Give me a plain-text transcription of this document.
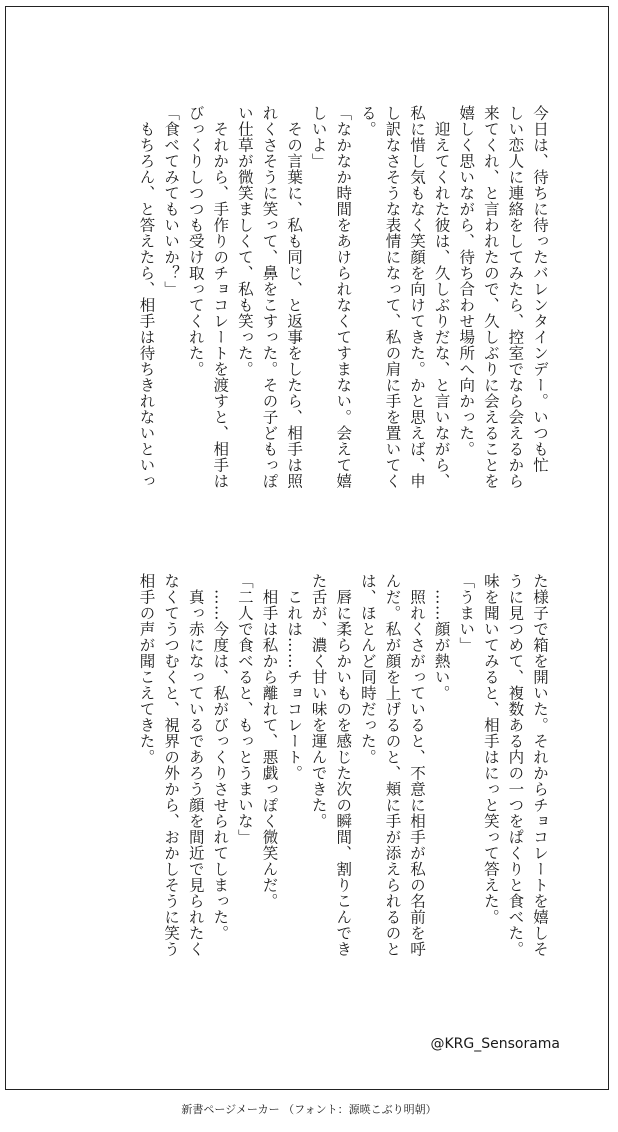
今日は、待ちに待ったバレンタインデー。いつも忙
しい恋人に連絡をしてみたら、控室でなら会えるから
来てくれ、と言われたので、久しぶりに会えることを
嬉しく思いながら、待ち合わせ場所へ向かった。
　迎えてくれた彼は、久しぶりだな、と言いながら、
私に惜し気もなく笑顔を向けてきた。かと思えば、申
し訳なさそうな表情になって、私の肩に手を置いてく
る。
「なかなか時間をあけられなくてすまない。会えて嬉
しいよ」
　その言葉に、私も同じ、と返事をしたら、相手は照
れくさそうに笑って、鼻をこすった。その子どもっぽ
い仕草が微笑ましくて、私も笑った。
　それから、手作りのチョコレートを渡すと、相手は
びっくりしつつも受け取ってくれた。
「食べてみてもいいか？」
　もちろん、と答えたら、相手は待ちきれないといっ
た様子で箱を開いた。それからチョコレートを嬉しそ
うに見つめて、複数ある内の一つをぱくりと食べた。
味を聞いてみると、相手はにっと笑って答えた。
「うまい」
　……顔が熱い。
　照れくさがっていると、不意に相手が私の名前を呼
んだ。私が顔を上げるのと、頬に手が添えられるのと
は、ほとんど同時だった。
　唇に柔らかいものを感じた次の瞬間、割りこんでき
た舌が、濃く甘い味を運んできた。
　これは……チョコレート。
　相手は私から離れて、悪戯っぽく微笑んだ。
「二人で食べると、もっとうまいな」
　……今度は、私がびっくりさせられてしまった。
　真っ赤になっているであろう顔を間近で見られたく
なくてうつむくと、視界の外から、おかしそうに笑う
相手の声が聞こえてきた。
@KRG_Sensorama
新書ページメーカー （フォント：源暎こぶり明朝）
